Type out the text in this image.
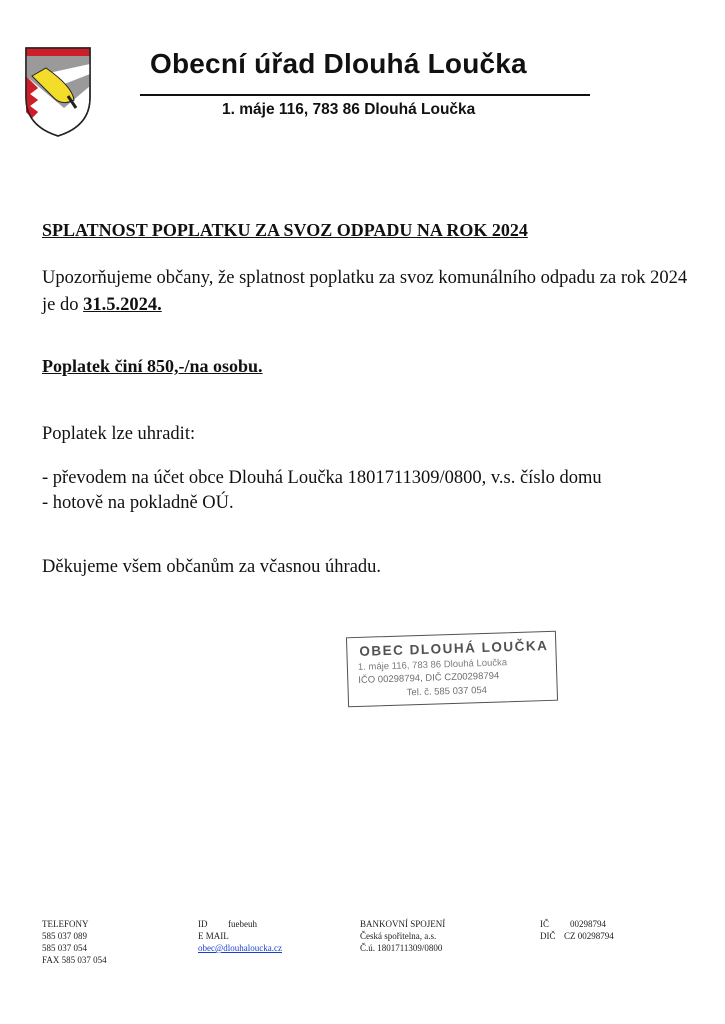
Obecní úřad Dlouhá Loučka
1. máje 116, 783 86 Dlouhá Loučka
SPLATNOST POPLATKU ZA SVOZ ODPADU NA ROK 2024
Upozorňujeme občany, že splatnost poplatku za svoz komunálního odpadu za rok 2024 je do 31.5.2024.
Poplatek činí 850,-/na osobu.
Poplatek lze uhradit:
- převodem na účet obce Dlouhá Loučka 1801711309/0800, v.s. číslo domu
- hotově na pokladně OÚ.
Děkujeme všem občanům za včasnou úhradu.
OBEC DLOUHÁ LOUČKA
1. máje 116, 783 86 Dlouhá Loučka
IČO 00298794, DIČ CZ00298794
Tel. č. 585 037 054
TELEFONY
585 037 089
585 037 054
FAX 585 037 054
ID fuebeuh
E MAIL
obec@dlouhaloucka.cz
BANKOVNÍ SPOJENÍ
Česká spořitelna, a.s.
Č.ú. 1801711309/0800
IČ 00298794
DIČ CZ 00298794
